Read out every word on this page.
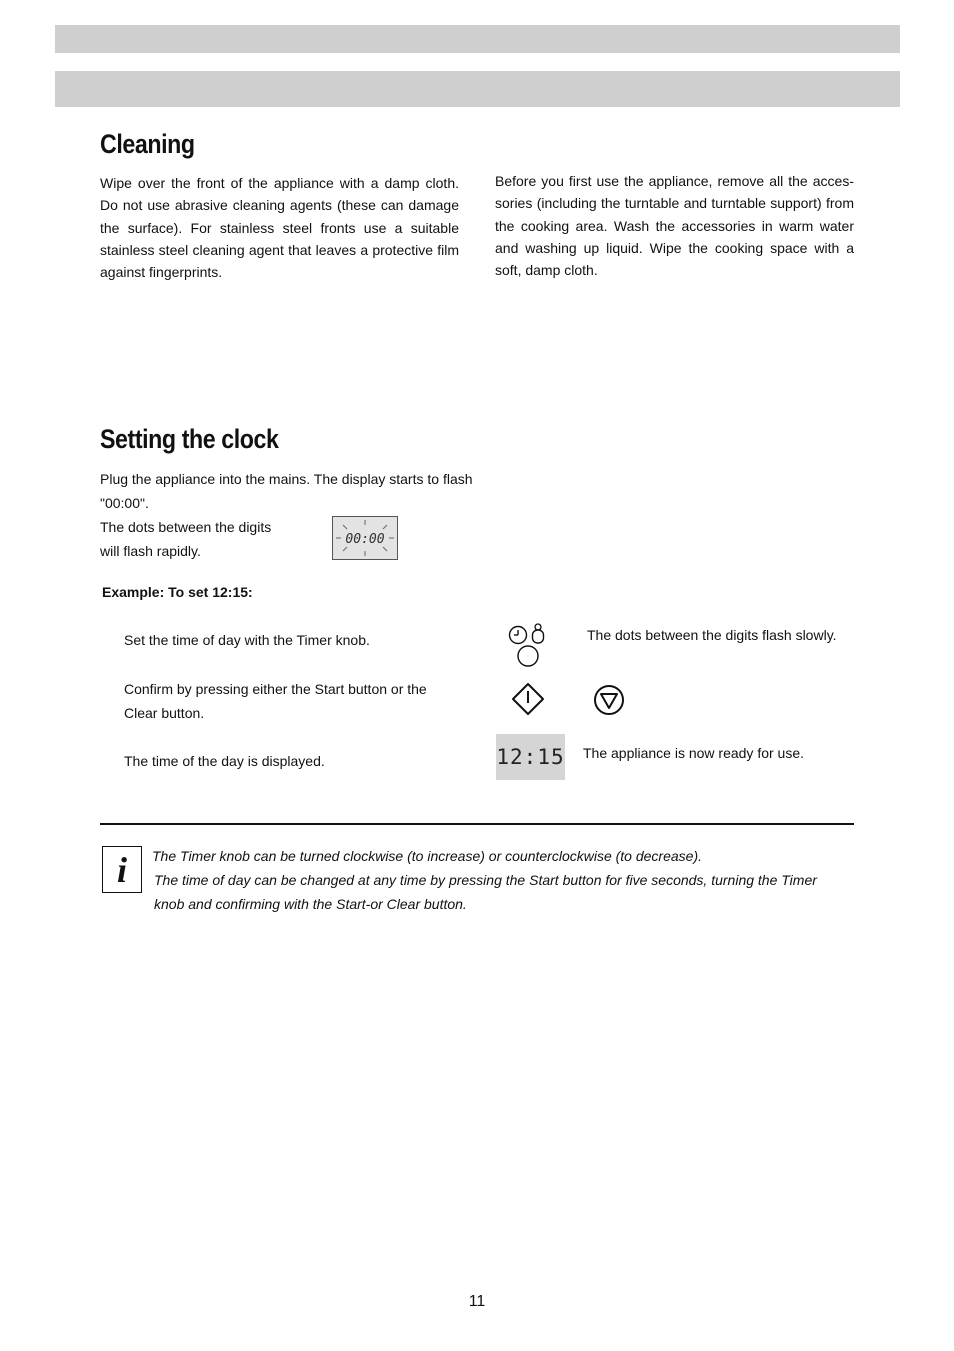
Cleaning

Wipe over the front of the appliance with a damp cloth. Do not use abrasive cleaning agents (these can damage the surface). For stainless steel fronts use a suitable stainless steel cleaning agent that leaves a protective film against fingerprints.

Before you first use the appliance, remove all the acces-sories (including the turntable and turntable support) from the cooking area. Wash the accessories in warm water and washing up liquid. Wipe the cooking space with a soft, damp cloth.

Setting the clock

Plug the appliance into the mains. The display starts to flash

"00:00".

The dots between the digits

will flash rapidly.

00:00

Example: To set 12:15:

Set the time of day with the Timer knob.	The dots between the digits flash slowly.

Confirm by pressing either the Start button or the

Clear button.

The time of the day is displayed.	12:15 The appliance is now ready for use.

i The Timer knob can be turned clockwise (to increase) or counterclockwise (to decrease).

The time of day can be changed at any time by pressing the Start button for five seconds, turning the Timer

knob and confirming with the Start-or Clear button.

11
